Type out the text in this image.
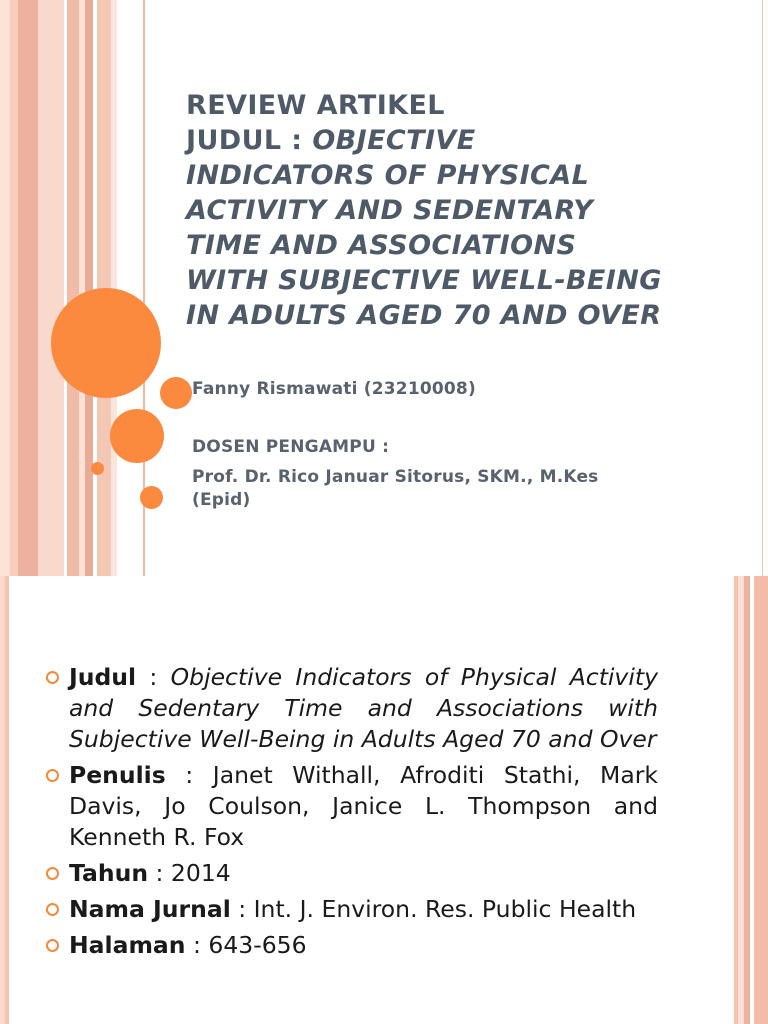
REVIEW ARTIKEL
JUDUL : OBJECTIVE
INDICATORS OF PHYSICAL
ACTIVITY AND SEDENTARY
TIME AND ASSOCIATIONS
WITH SUBJECTIVE WELL-BEING
IN ADULTS AGED 70 AND OVER
Fanny Rismawati (23210008)
DOSEN PENGAMPU :
Prof. Dr. Rico Januar Sitorus, SKM., M.Kes
(Epid)
Judul : Objective Indicators of Physical Activity and Sedentary Time and Associations with Subjective Well-Being in Adults Aged 70 and Over
Penulis : Janet Withall, Afroditi Stathi, Mark Davis, Jo Coulson, Janice L. Thompson and Kenneth R. Fox
Tahun : 2014
Nama Jurnal : Int. J. Environ. Res. Public Health
Halaman : 643-656
